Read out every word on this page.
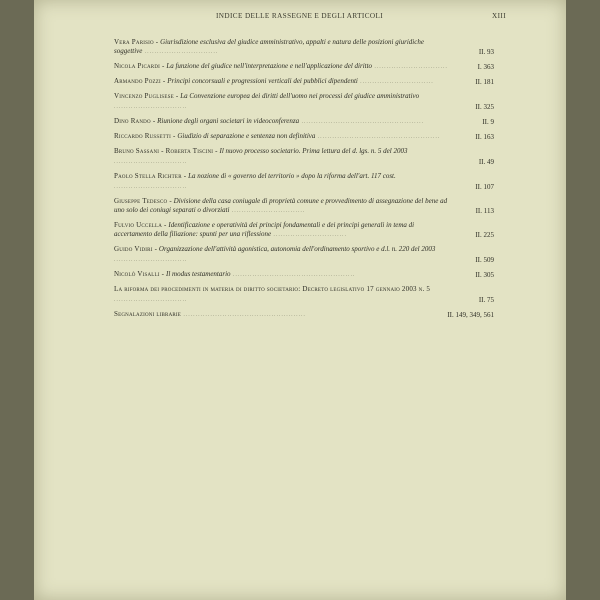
INDICE DELLE RASSEGNE E DEGLI ARTICOLI	XIII
Vera Parisio - Giurisdizione esclusiva del giudice amministrativo, appalti e natura delle posizioni giuridiche soggettive ..............................	II. 93
Nicola Picardi - La funzione del giudice nell'interpretazione e nell'applicazione del diritto ..............................	I. 363
Armando Pozzi - Principi concorsuali e progressioni verticali dei pubblici dipendenti ..............................	II. 181
Vincenzo Puglisese - La Convenzione europea dei diritti dell'uomo nei processi del giudice amministrativo ..............................	II. 325
Dino Rando - Riunione degli organi societari in videoconferenza ..................................................	II. 9
Riccardo Russetti - Giudizio di separazione e sentenza non definitiva ..................................................	II. 163
Bruno Sassani - Roberta Tiscini - Il nuovo processo societario. Prima lettura del d. lgs. n. 5 del 2003 ..............................	II. 49
Paolo Stella Richter - La nozione di « governo del territorio » dopo la riforma dell'art. 117 cost. ..............................	II. 107
Giuseppe Tedesco - Divisione della casa coniugale di proprietà comune e provvedimento di assegnazione del bene ad uno solo dei coniugi separati o divorziati ..............................	II. 113
Fulvio Uccella - Identificazione e operatività dei principi fondamentali e dei principi generali in tema di accertamento della filiazione: spunti per una riflessione ..............................	II. 225
Guido Vidiri - Organizzazione dell'attività agonistica, autonomia dell'ordinamento sportivo e d.l. n. 220 del 2003 ..............................	II. 509
Nicolò Visalli - Il modus testamentario ..................................................	II. 305
La riforma dei procedimenti in materia di diritto societario: Decreto legislativo 17 gennaio 2003 n. 5 ..............................	II. 75
Segnalazioni librarie ..................................................	II. 149, 349, 561
